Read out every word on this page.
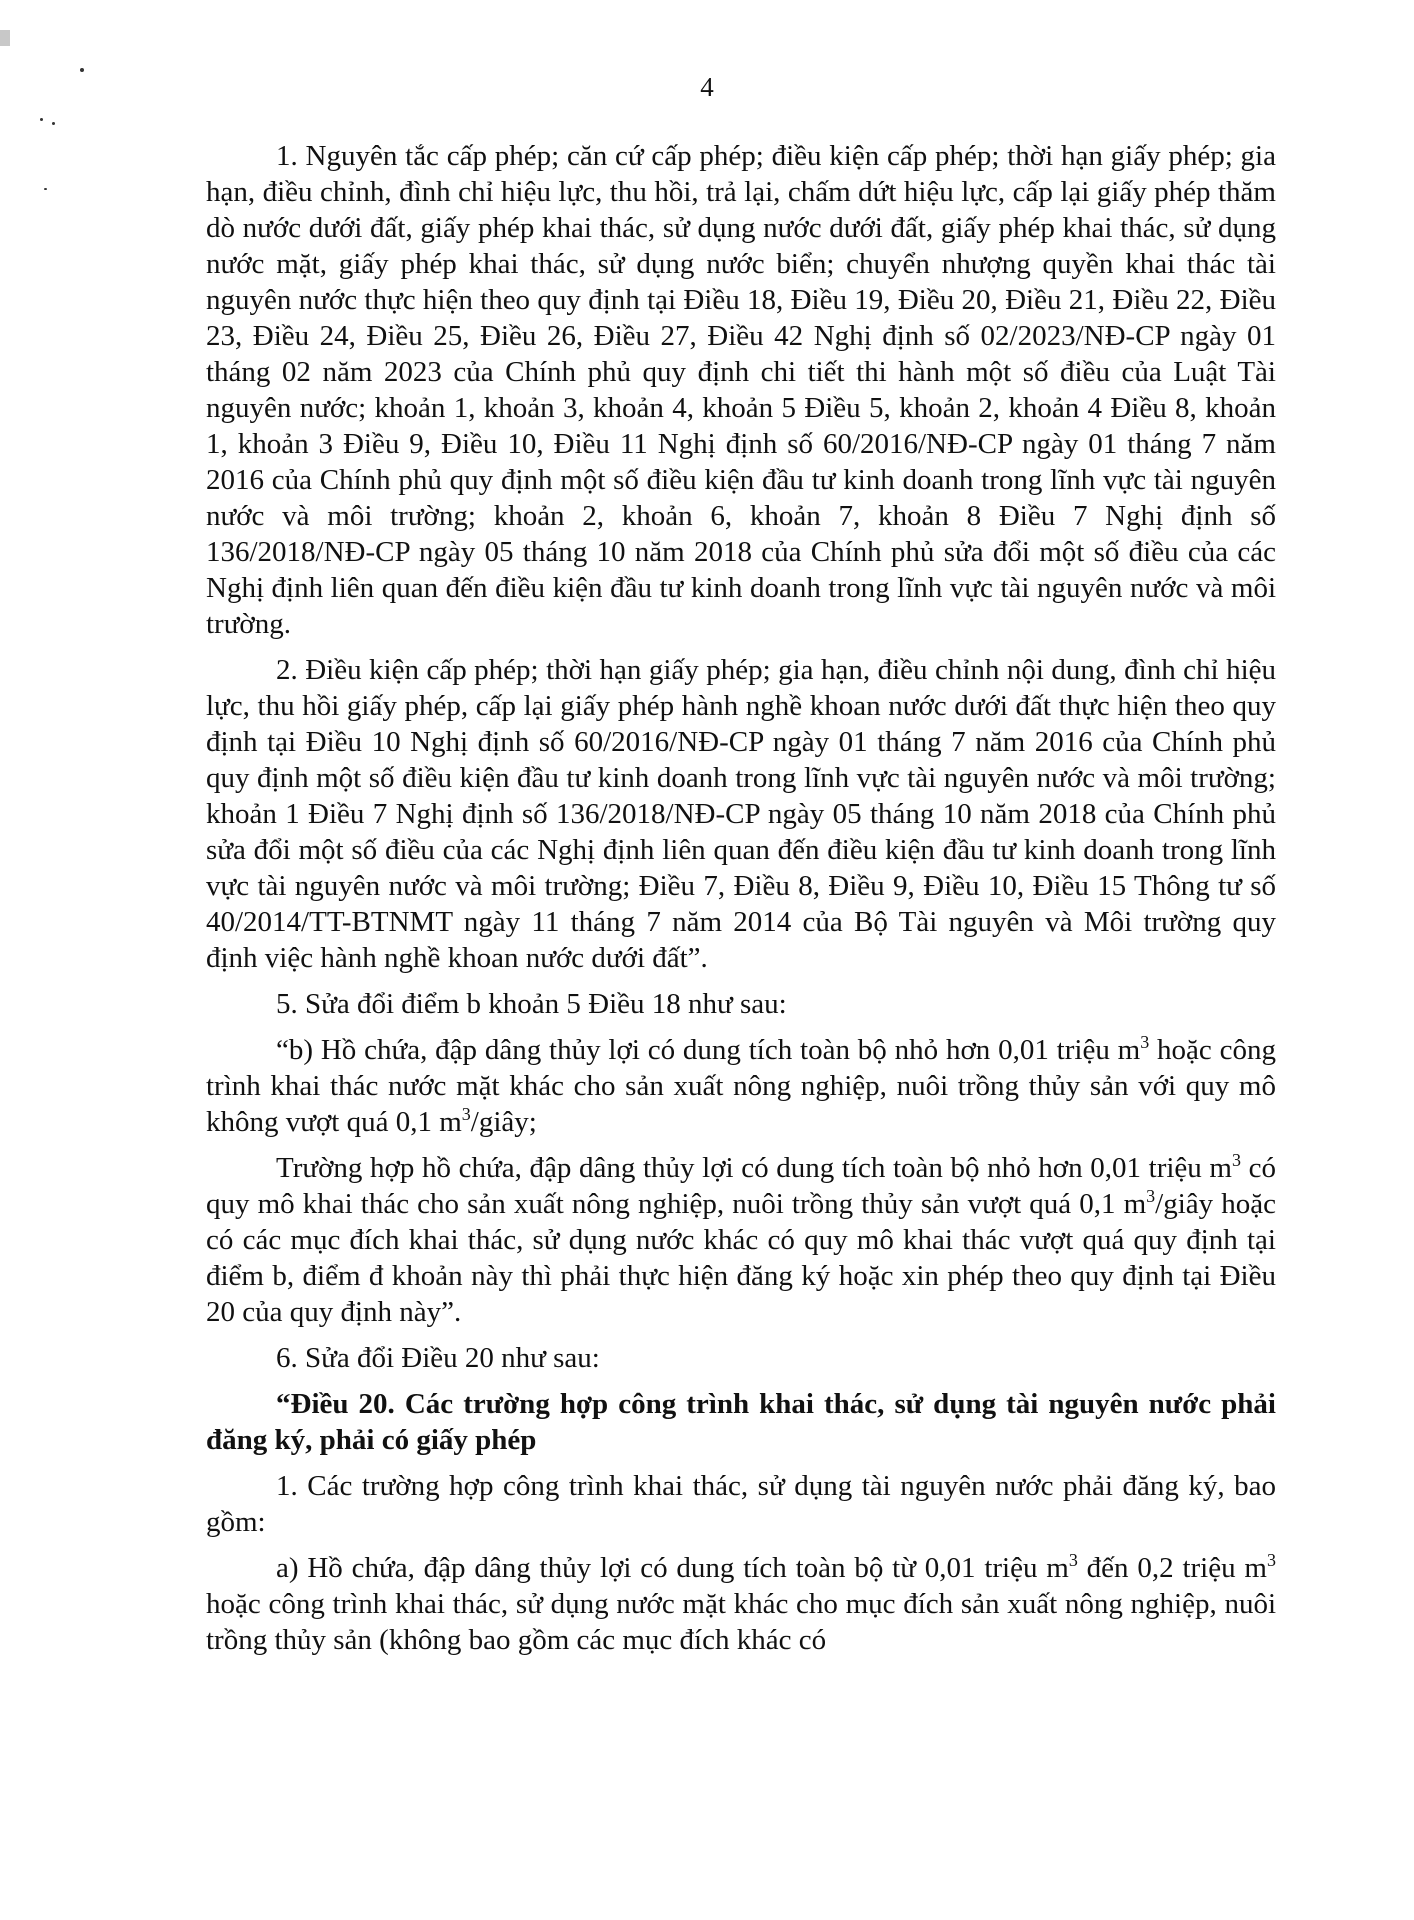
4

1. Nguyên tắc cấp phép; căn cứ cấp phép; điều kiện cấp phép; thời hạn giấy phép; gia hạn, điều chỉnh, đình chỉ hiệu lực, thu hồi, trả lại, chấm dứt hiệu lực, cấp lại giấy phép thăm dò nước dưới đất, giấy phép khai thác, sử dụng nước dưới đất, giấy phép khai thác, sử dụng nước mặt, giấy phép khai thác, sử dụng nước biển; chuyển nhượng quyền khai thác tài nguyên nước thực hiện theo quy định tại Điều 18, Điều 19, Điều 20, Điều 21, Điều 22, Điều 23, Điều 24, Điều 25, Điều 26, Điều 27, Điều 42 Nghị định số 02/2023/NĐ-CP ngày 01 tháng 02 năm 2023 của Chính phủ quy định chi tiết thi hành một số điều của Luật Tài nguyên nước; khoản 1, khoản 3, khoản 4, khoản 5 Điều 5, khoản 2, khoản 4 Điều 8, khoản 1, khoản 3 Điều 9, Điều 10, Điều 11 Nghị định số 60/2016/NĐ-CP ngày 01 tháng 7 năm 2016 của Chính phủ quy định một số điều kiện đầu tư kinh doanh trong lĩnh vực tài nguyên nước và môi trường; khoản 2, khoản 6, khoản 7, khoản 8 Điều 7 Nghị định số 136/2018/NĐ-CP ngày 05 tháng 10 năm 2018 của Chính phủ sửa đổi một số điều của các Nghị định liên quan đến điều kiện đầu tư kinh doanh trong lĩnh vực tài nguyên nước và môi trường.

2. Điều kiện cấp phép; thời hạn giấy phép; gia hạn, điều chỉnh nội dung, đình chỉ hiệu lực, thu hồi giấy phép, cấp lại giấy phép hành nghề khoan nước dưới đất thực hiện theo quy định tại Điều 10 Nghị định số 60/2016/NĐ-CP ngày 01 tháng 7 năm 2016 của Chính phủ quy định một số điều kiện đầu tư kinh doanh trong lĩnh vực tài nguyên nước và môi trường; khoản 1 Điều 7 Nghị định số 136/2018/NĐ-CP ngày 05 tháng 10 năm 2018 của Chính phủ sửa đổi một số điều của các Nghị định liên quan đến điều kiện đầu tư kinh doanh trong lĩnh vực tài nguyên nước và môi trường; Điều 7, Điều 8, Điều 9, Điều 10, Điều 15 Thông tư số 40/2014/TT-BTNMT ngày 11 tháng 7 năm 2014 của Bộ Tài nguyên và Môi trường quy định việc hành nghề khoan nước dưới đất”.

5. Sửa đổi điểm b khoản 5 Điều 18 như sau:

“b) Hồ chứa, đập dâng thủy lợi có dung tích toàn bộ nhỏ hơn 0,01 triệu $m^3$ hoặc công trình khai thác nước mặt khác cho sản xuất nông nghiệp, nuôi trồng thủy sản với quy mô không vượt quá 0,1 $m^3$/giây;

Trường hợp hồ chứa, đập dâng thủy lợi có dung tích toàn bộ nhỏ hơn 0,01 triệu $m^3$ có quy mô khai thác cho sản xuất nông nghiệp, nuôi trồng thủy sản vượt quá 0,1 $m^3$/giây hoặc có các mục đích khai thác, sử dụng nước khác có quy mô khai thác vượt quá quy định tại điểm b, điểm đ khoản này thì phải thực hiện đăng ký hoặc xin phép theo quy định tại Điều 20 của quy định này”.

6. Sửa đổi Điều 20 như sau:

“Điều 20. Các trường hợp công trình khai thác, sử dụng tài nguyên nước phải đăng ký, phải có giấy phép

1. Các trường hợp công trình khai thác, sử dụng tài nguyên nước phải đăng ký, bao gồm:

a) Hồ chứa, đập dâng thủy lợi có dung tích toàn bộ từ 0,01 triệu $m^3$ đến 0,2 triệu $m^3$ hoặc công trình khai thác, sử dụng nước mặt khác cho mục đích sản xuất nông nghiệp, nuôi trồng thủy sản (không bao gồm các mục đích khác có
